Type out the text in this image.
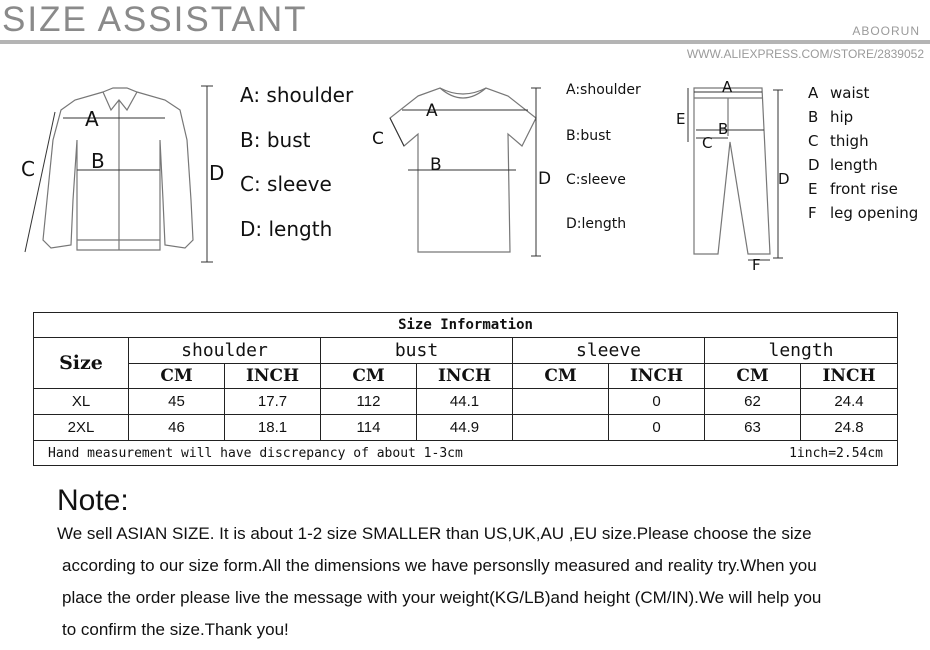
SIZE ASSISTANT	ABOORUN
WWW.ALIEXPRESS.COM/STORE/2839052
A
B
C	D
A: shoulder
B: bust
C: sleeve
D: length
A
B
C
D
A:shoulder
B:bust
C:sleeve
D:length
A
B
C
D
E
F
A waist
B hip
C thigh
D length
E front rise
F leg opening
Size Information								
Size	shoulder		bust		sleeve		length	
	CM	INCH	CM	INCH	CM	INCH	CM	INCH
XL	45	17.7	112	44.1		0	62	24.4
2XL	46	18.1	114	44.9		0	63	24.8

Hand measurement will have discrepancy of about 1-3cm 1inch=2.54cm								
Note:
We sell ASIAN SIZE. It is about 1-2 size SMALLER than US,UK,AU ,EU size.Please choose the size
according to our size form.All the dimensions we have personslly measured and reality try.When you
place the order please live the message with your weight(KG/LB)and height (CM/IN).We will help you
to confirm the size.Thank you!
